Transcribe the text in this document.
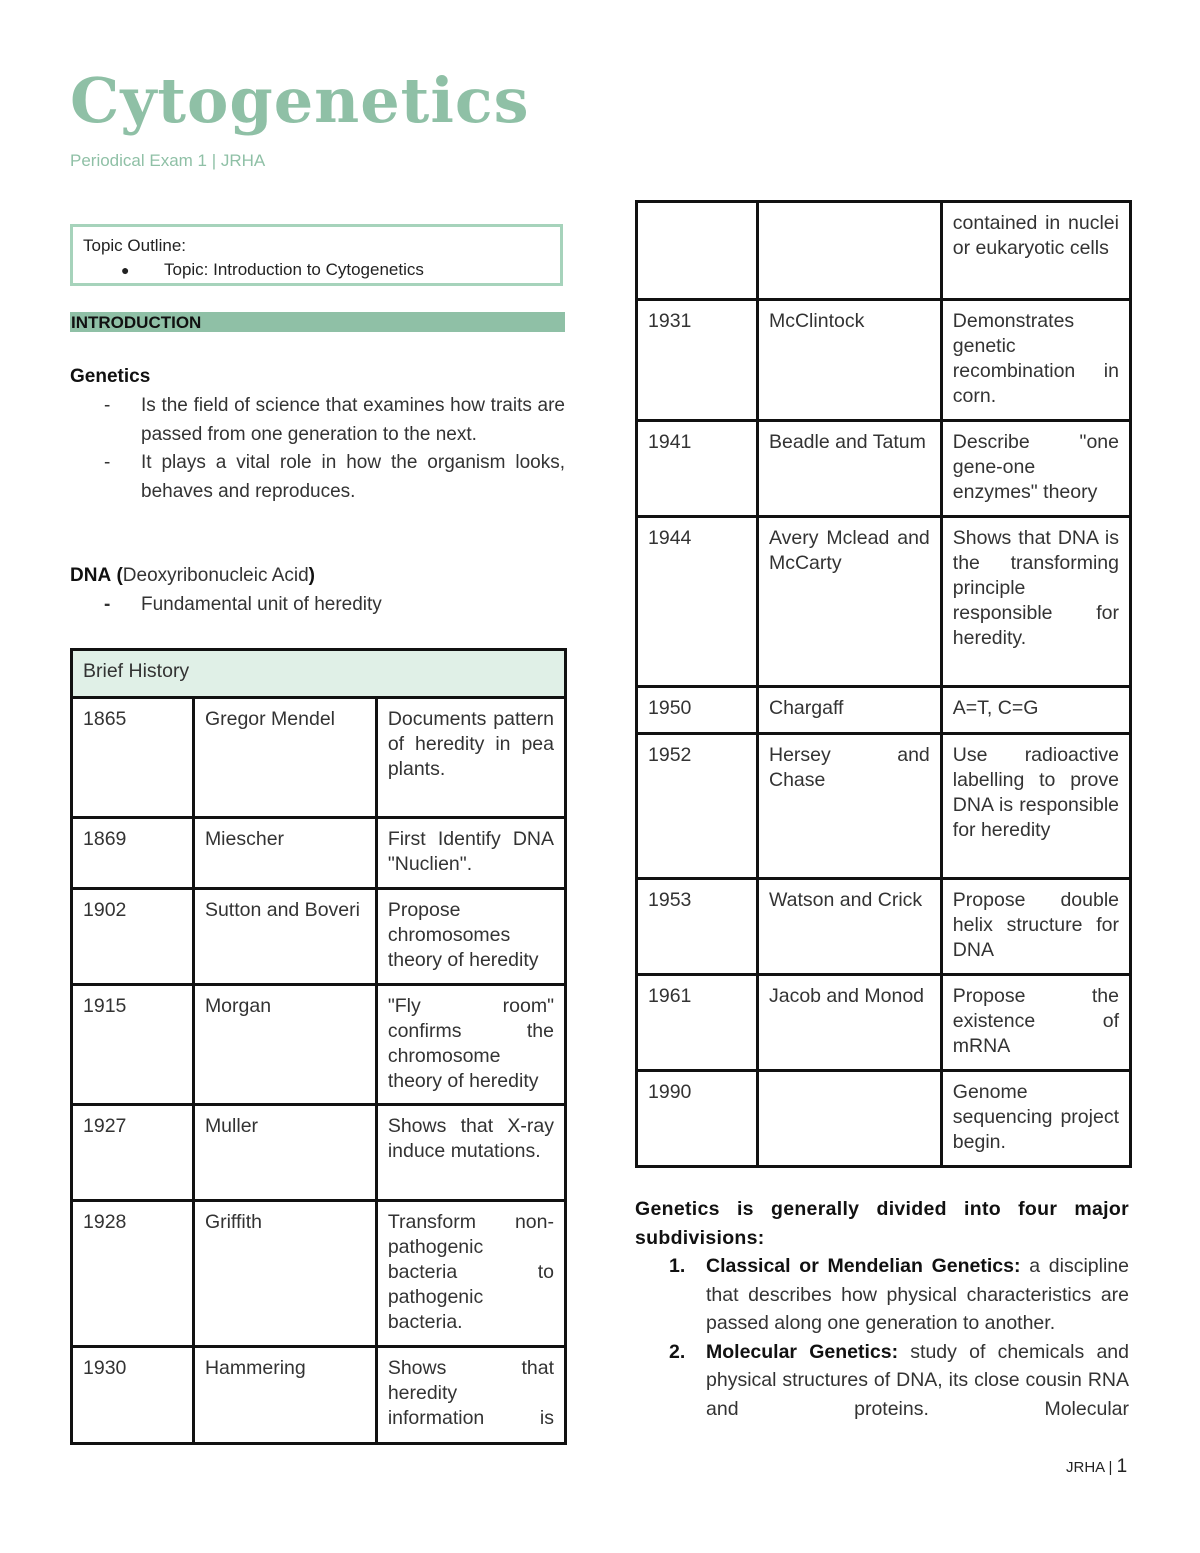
Cytogenetics
Periodical Exam 1 | JRHA
Topic Outline:
● Topic: Introduction to Cytogenetics
INTRODUCTION
Genetics
- Is the field of science that examines how traits are passed from one generation to the next.
- It plays a vital role in how the organism looks, behaves and reproduces.
DNA (Deoxyribonucleic Acid)
- Fundamental unit of heredity
Brief History		
1865	Gregor Mendel	Documents pattern of heredity in pea plants.
1869	Miescher	First Identify DNA "Nuclien".
1902	Sutton and Boveri	Propose chromosomes theory of heredity
1915	Morgan	"Fly room" confirms the chromosome theory of heredity
1927	Muller	Shows that X-ray induce mutations.
1928	Griffith	Transform non-pathogenic bacteria to pathogenic bacteria.
1930	Hammering	Shows that heredity information is
		contained in nuclei or eukaryotic cells
1931	McClintock	Demonstrates genetic recombination in corn.
1941	Beadle and Tatum	Describe "one gene-one enzymes" theory
1944	Avery Mclead and McCarty	Shows that DNA is the transforming principle responsible for heredity.
1950	Chargaff	A=T, C=G
1952	Hersey and Chase	Use radioactive labelling to prove DNA is responsible for heredity
1953	Watson and Crick	Propose double helix structure for DNA
1961	Jacob and Monod	Propose the existence of mRNA
1990		Genome sequencing project begin.
Genetics is generally divided into four major subdivisions:
1. Classical or Mendelian Genetics: a discipline that describes how physical characteristics are passed along one generation to another.
2. Molecular Genetics: study of chemicals and physical structures of DNA, its close cousin RNA and proteins. Molecular
JRHA | 1
